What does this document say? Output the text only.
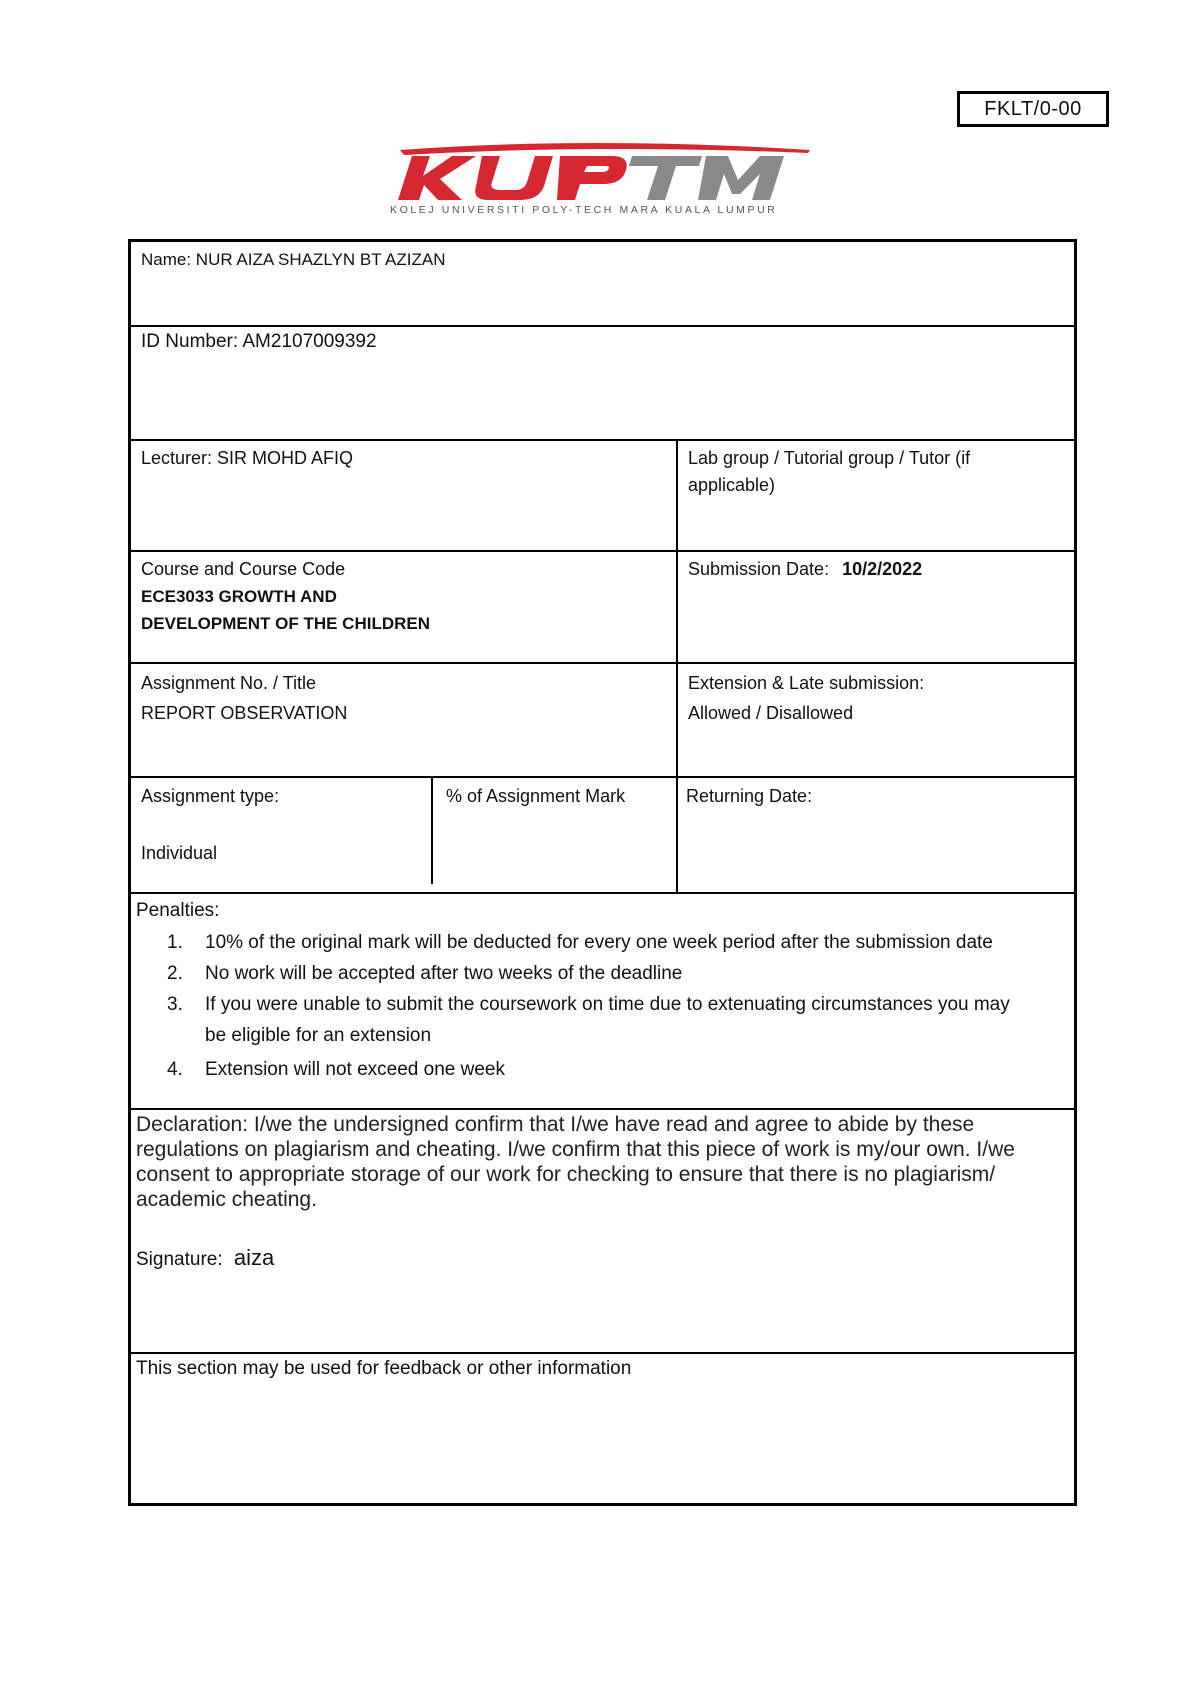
FKLT/0-00
KOLEJ UNIVERSITI POLY-TECH MARA KUALA LUMPUR
Name: NUR AIZA SHAZLYN BT AZIZAN
ID Number: AM2107009392
Lecturer: SIR MOHD AFIQ	Lab group / Tutorial group / Tutor (if
applicable)
Course and Course Code
ECE3033 GROWTH AND
DEVELOPMENT OF THE CHILDREN
Submission Date: 10/2/2022
Assignment No. / Title
REPORT OBSERVATION
Extension & Late submission:
Allowed / Disallowed
Assignment type:
Individual
% of Assignment Mark	Returning Date:
Penalties:
1. 10% of the original mark will be deducted for every one week period after the submission date
2. No work will be accepted after two weeks of the deadline
3. If you were unable to submit the coursework on time due to extenuating circumstances you may be eligible for an extension
4. Extension will not exceed one week
Declaration: I/we the undersigned confirm that I/we have read and agree to abide by these regulations on plagiarism and cheating. I/we confirm that this piece of work is my/our own. I/we consent to appropriate storage of our work for checking to ensure that there is no plagiarism/ academic cheating.
Signature: aiza
This section may be used for feedback or other information
